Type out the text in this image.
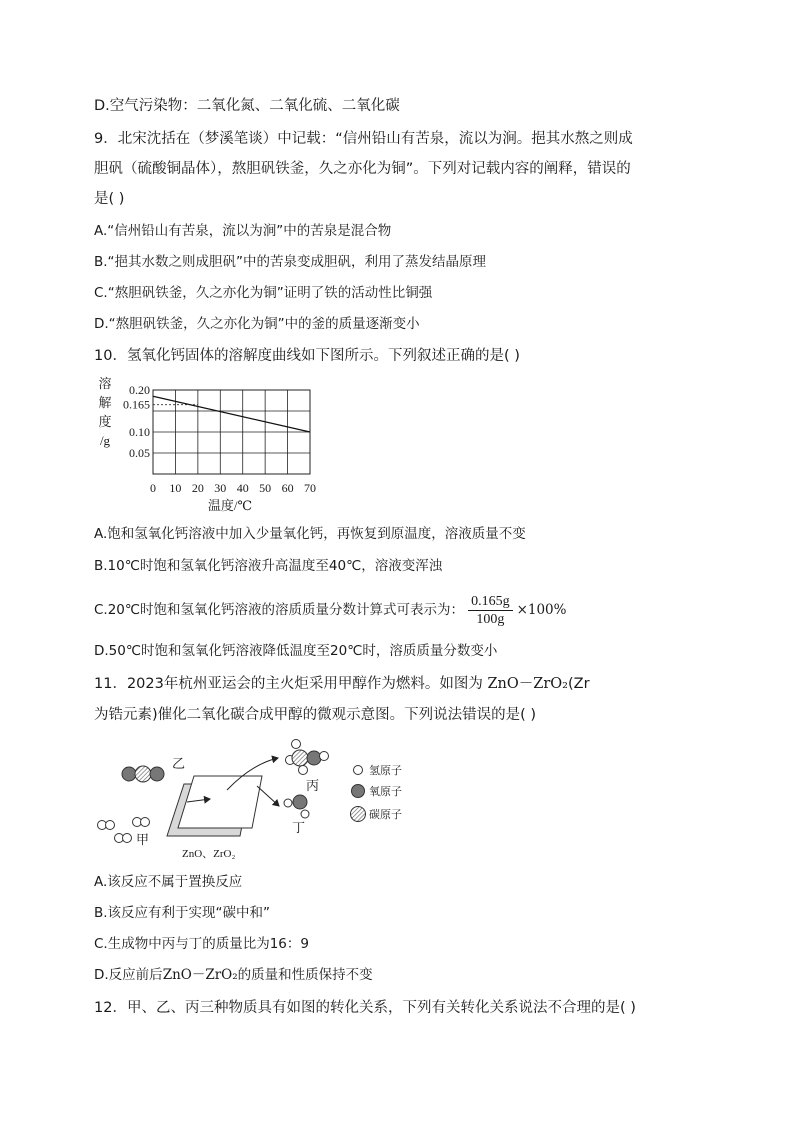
D.空气污染物：二氧化氮、二氧化硫、二氧化碳
9．北宋沈括在（梦溪笔谈）中记载：“信州铅山有苦泉，流以为涧。挹其水熬之则成
胆矾（硫酸铜晶体），熬胆矾铁釜，久之亦化为铜”。下列对记载内容的阐释，错误的
是( )
A.“信州铅山有苦泉，流以为涧”中的苦泉是混合物
B.“挹其水数之则成胆矾”中的苦泉变成胆矾，利用了蒸发结晶原理
C.“熬胆矾铁釜，久之亦化为铜”证明了铁的活动性比铜强
D.“熬胆矾铁釜，久之亦化为铜”中的釜的质量逐渐变小
10．氢氧化钙固体的溶解度曲线如下图所示。下列叙述正确的是( )
溶
解
度
/g
0.20
0.165
0.10
0.05
0 10 20 30 40 50 60 70
温度/℃
A.饱和氢氧化钙溶液中加入少量氧化钙，再恢复到原温度，溶液质量不变
B.10℃时饱和氢氧化钙溶液升高温度至40℃，溶液变浑浊
C.20℃时饱和氢氧化钙溶液的溶质质量分数计算式可表示为： $\frac{0.165g}{100g} \times 100\%$
D.50℃时饱和氢氧化钙溶液降低温度至20℃时，溶质质量分数变小
11．2023年杭州亚运会的主火炬采用甲醇作为燃料。如图为 ZnO－ZrO₂(Zr
为锆元素)催化二氧化碳合成甲醇的微观示意图。下列说法错误的是( )
乙
甲
丙
丁
ZnO、ZrO₂
氢原子
氧原子
碳原子
A.该反应不属于置换反应
B.该反应有利于实现“碳中和”
C.生成物中丙与丁的质量比为16：9
D.反应前后ZnO－ZrO₂的质量和性质保持不变
12．甲、乙、丙三种物质具有如图的转化关系，下列有关转化关系说法不合理的是( )
